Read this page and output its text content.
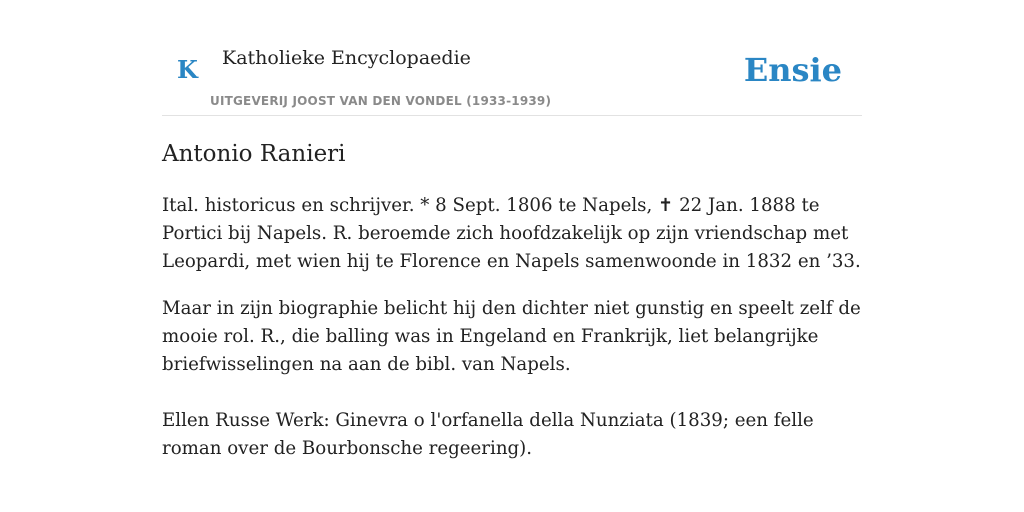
K Katholieke Encyclopaedie
UITGEVERIJ JOOST VAN DEN VONDEL (1933-1939)
Ensie
Antonio Ranieri

Ital. historicus en schrijver. * 8 Sept. 1806 te Napels, ✝ 22 Jan. 1888 te Portici bij Napels. R. beroemde zich hoofdzakelijk op zijn vriendschap met Leopardi, met wien hij te Florence en Napels samenwoonde in 1832 en ’33.

Maar in zijn biographie belicht hij den dichter niet gunstig en speelt zelf de mooie rol. R., die balling was in Engeland en Frankrijk, liet belangrijke briefwisselingen na aan de bibl. van Napels.

Ellen Russe Werk: Ginevra o l'orfanella della Nunziata (1839; een felle roman over de Bourbonsche regeering).
